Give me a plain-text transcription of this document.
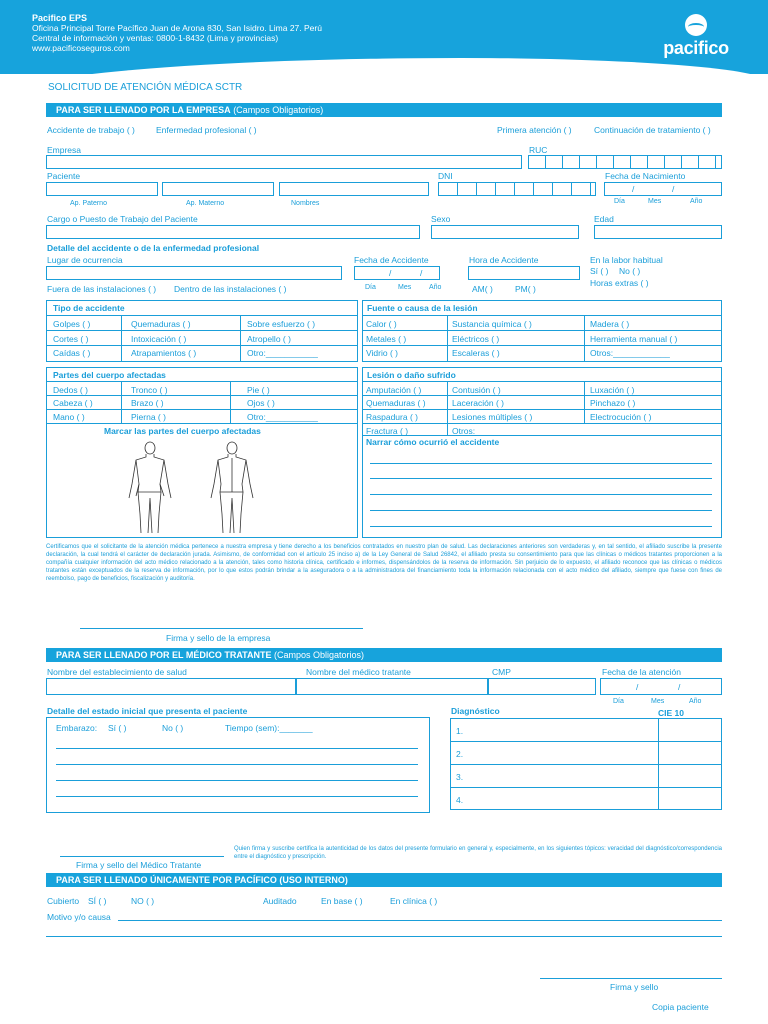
Pacifico EPS
Oficina Principal Torre Pacífico Juan de Arona 830, San Isidro. Lima 27. Perú
Central de información y ventas: 0800-1-8432 (Lima y provincias)
www.pacificoseguros.com	pacifico
SOLICITUD DE ATENCIÓN MÉDICA SCTR
PARA SER LLENADO POR LA EMPRESA (Campos Obligatorios)
Accidente de trabajo ( ) Enfermedad profesional ( )	Primera atención ( )	Continuación de tratamiento ( )
Empresa	RUC
Paciente
Ap. Paterno	Ap. Materno	Nombres
DNI	Fecha de Nacimiento
/	/
Día	Mes	Año
Cargo o Puesto de Trabajo del Paciente	Sexo	Edad
Detalle del accidente o de la enfermedad profesional
Lugar de ocurrencia
Fuera de las instalaciones ( ) Dentro de las instalaciones ( )
Fecha de Accidente
/	/
Día	Mes	Año
Hora de Accidente
AM( )	PM( )
En la labor habitual
Sí ( ) No ( )
Horas extras ( )
Tipo de accidente	Fuente o causa de la lesión
Golpes ( )	Quemaduras ( )	Sobre esfuerzo ( )
Cortes ( )	Intoxicación ( )	Atropello ( )
Caídas ( )	Atrapamientos ( )	Otro:___________
Calor ( )	Sustancia química ( )	Madera ( )
Metales ( )	Eléctricos ( )	Herramienta manual ( )
Vidrio ( )	Escaleras ( )	Otros:____________
Partes del cuerpo afectadas	Lesión o daño sufrido
Dedos ( )	Tronco ( )	Pie ( )
Cabeza ( )	Brazo ( )	Ojos ( )
Mano ( )	Pierna ( )	Otro:___________
Marcar las partes del cuerpo afectadas
Amputación ( )	Contusión ( )	Luxación ( )
Quemaduras ( )	Laceración ( )	Pinchazo ( )
Raspadura ( )	Lesiones múltiples ( )	Electrocución ( )
Fractura ( )	Otros:_______________________
Narrar cómo ocurrió el accidente
Certificamos que el solicitante de la atención médica pertenece a nuestra empresa y tiene derecho a los beneficios contratados en nuestro plan de salud. Las declaraciones anteriores son verdaderas y, en tal sentido, el afiliado suscribe la presente declaración, la cual tendrá el carácter de declaración jurada. Asimismo, de conformidad con el artículo 25 inciso a) de la Ley General de Salud 26842, el afiliado presta su consentimiento para que las clínicas o médicos tratantes proporcionen a la compañía cualquier información del acto médico relacionado a la atención, tales como historia clínica, certificado e informes, dispensándolos de la reserva de información. Sin perjuicio de lo expuesto, el afiliado reconoce que las clínicas o médicos tratantes están exceptuados de la reserva de información, por lo que estos podrán brindar a la aseguradora o a la administradora del financiamiento toda la información relacionada con el acto médico del afiliado, siempre que fuese con fines de reembolso, pago de beneficios, fiscalización y auditoría.
Firma y sello de la empresa
PARA SER LLENADO POR EL MÉDICO TRATANTE (Campos Obligatorios)
Nombre del establecimiento de salud	Nombre del médico tratante	CMP	Fecha de la atención
/	/
Día	Mes	Año
Detalle del estado inicial que presenta el paciente
Embarazo: Sí ( )	No ( )	Tiempo (sem):_______
Diagnóstico	CIE 10
1.
2.
3.
4.
Firma y sello del Médico Tratante
Quien firma y suscribe certifica la autenticidad de los datos del presente formulario en general y, especialmente, en los siguientes tópicos: veracidad del diagnóstico/correspondencia entre el diagnóstico y prescripción.
PARA SER LLENADO ÚNICAMENTE POR PACÍFICO (USO INTERNO)
Cubierto SÍ ( )	NO ( )	Auditado	En base ( )	En clínica ( )
Motivo y/o causa
Firma y sello
Copia paciente
